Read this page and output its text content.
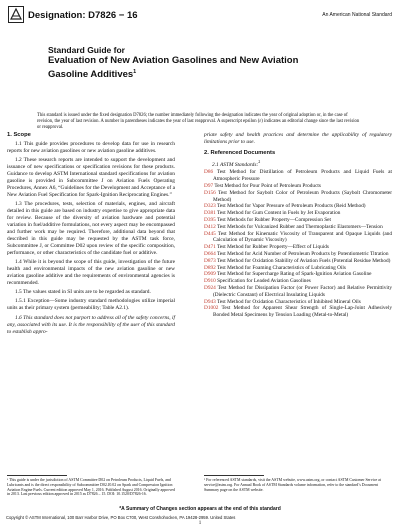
Designation: D7826 − 16	An American National Standard
Standard Guide for
Evaluation of New Aviation Gasolines and New Aviation
Gasoline Additives$^1$
This standard is issued under the fixed designation D7826; the number immediately following the designation indicates the year of original adoption or, in the case of revision, the year of last revision. A number in parentheses indicates the year of last reapproval. A superscript epsilon (ε) indicates an editorial change since the last revision or reapproval.
1. Scope

1.1 This guide provides procedures to develop data for use in research reports for new aviation gasolines or new aviation gasoline additives.

1.2 These research reports are intended to support the development and issuance of new specifications or specification revisions for these products. Guidance to develop ASTM International standard specifications for aviation gasoline is provided in Subcommittee J on Aviation Fuels Operating Procedures, Annex A6, “Guidelines for the Development and Acceptance of a New Aviation Fuel Specification for Spark-Ignition Reciprocating Engines.”

1.3 The procedures, tests, selection of materials, engines, and aircraft detailed in this guide are based on industry expertise to give appropriate data for review. Because of the diversity of aviation hardware and potential variation in fuel/additive formulations, not every aspect may be encompassed and further work may be required. Therefore, additional data beyond that described in this guide may be requested by the ASTM task force, Subcommittee J, or Committee D02 upon review of the specific composition, performance, or other characteristics of the candidate fuel or additive.

1.4 While it is beyond the scope of this guide, investigation of the future health and environmental impacts of the new aviation gasoline or new aviation gasoline additive and the requirements of environmental agencies is recommended.

1.5 The values stated in SI units are to be regarded as standard.

1.5.1 Exception—Some industry standard methodologies utilize imperial units as their primary system (permeability; Table A2.1).

1.6 This standard does not purport to address all of the safety concerns, if any, associated with its use. It is the responsibility of the user of this standard to establish appro-

priate safety and health practices and determine the applicability of regulatory limitations prior to use.

2. Referenced Documents

2.1 ASTM Standards:$^2$

D86 Test Method for Distillation of Petroleum Products and Liquid Fuels at Atmospheric Pressure

D97 Test Method for Pour Point of Petroleum Products

D156 Test Method for Saybolt Color of Petroleum Products (Saybolt Chromometer Method)

D323 Test Method for Vapor Pressure of Petroleum Products (Reid Method)

D381 Test Method for Gum Content in Fuels by Jet Evaporation

D395 Test Methods for Rubber Property—Compression Set

D412 Test Methods for Vulcanized Rubber and Thermoplastic Elastomers—Tension

D445 Test Method for Kinematic Viscosity of Transparent and Opaque Liquids (and Calculation of Dynamic Viscosity)

D471 Test Method for Rubber Property—Effect of Liquids

D664 Test Method for Acid Number of Petroleum Products by Potentiometric Titration

D873 Test Method for Oxidation Stability of Aviation Fuels (Potential Residue Method)

D892 Test Method for Foaming Characteristics of Lubricating Oils

D909 Test Method for Supercharge Rating of Spark-Ignition Aviation Gasoline

D910 Specification for Leaded Aviation Gasolines

D924 Test Method for Dissipation Factor (or Power Factor) and Relative Permittivity (Dielectric Constant) of Electrical Insulating Liquids

D943 Test Method for Oxidation Characteristics of Inhibited Mineral Oils

D1002 Test Method for Apparent Shear Strength of Single-Lap-Joint Adhesively Bonded Metal Specimens by Tension Loading (Metal-to-Metal)

¹ This guide is under the jurisdiction of ASTM Committee D02 on Petroleum Products, Liquid Fuels, and Lubricants and is the direct responsibility of Subcommittee D02.J0.02 on Spark and Compression Ignition Aviation Engine Fuels. Current edition approved May 1, 2016. Published August 2016. Originally approved in 2013. Last previous edition approved in 2015 as D7826 – 15. DOI: 10.1520/D7826-16.
² For referenced ASTM standards, visit the ASTM website, www.astm.org, or contact ASTM Customer Service at service@astm.org. For Annual Book of ASTM Standards volume information, refer to the standard’s Document Summary page on the ASTM website.
*A Summary of Changes section appears at the end of this standard
Copyright © ASTM International, 100 Barr Harbor Drive, PO Box C700, West Conshohocken, PA 19428-2959. United States
1
